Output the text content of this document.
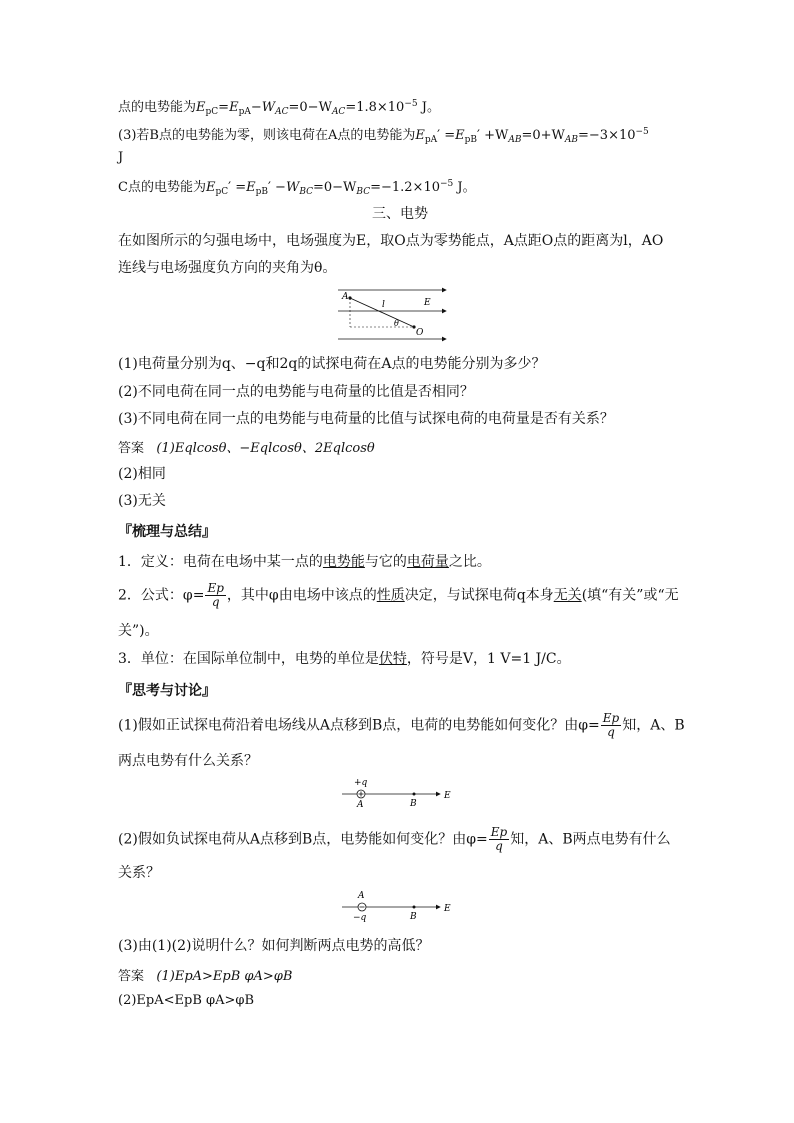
点的电势能为$E_{pC}=E_{pA}-W_{AC}=0-W_{AC}=1.8\times 10^{-5}$ J。
(3)若B点的电势能为零，则该电荷在A点的电势能为$E_{pA}' =E_{pB}' +W_{AB}=0+W_{AB}=-3\times 10^{-5}$
J
C点的电势能为$E_{pC}' =E_{pB}' -W_{BC}=0-W_{BC}=-1.2\times 10^{-5}$ J。
三、电势
在如图所示的匀强电场中，电场强度为E，取O点为零势能点，A点距O点的距离为l，AO
连线与电场强度负方向的夹角为θ。
A
l	E
θ
O
(1)电荷量分别为q、−q和2q的试探电荷在A点的电势能分别为多少？
(2)不同电荷在同一点的电势能与电荷量的比值是否相同？
(3)不同电荷在同一点的电势能与电荷量的比值与试探电荷的电荷量是否有关系？
答案 (1)Eqlcosθ、−Eqlcosθ、2Eqlcosθ
(2)相同
(3)无关
『梳理与总结』
1．定义：电荷在电场中某一点的电势能与它的电荷量之比。
2．公式：$\varphi= \frac{Ep}{q}$ ，其中φ由电场中该点的性质决定，与试探电荷q本身无关(填“有关”或“无
关”)。
3．单位：在国际单位制中，电势的单位是伏特，符号是V，1 V=1 J/C。
『思考与讨论』
(1)假如正试探电荷沿着电场线从A点移到B点，电荷的电势能如何变化？由$\varphi= \frac{Ep}{q}$ 知，A、B
两点电势有什么关系？
+q
A	B
E
(2)假如负试探电荷从A点移到B点，电势能如何变化？由$\varphi= \frac{Ep}{q}$ 知，A、B两点电势有什么
关系？
A
−q	B
E
(3)由(1)(2)说明什么？如何判断两点电势的高低？
答案 (1)EpA>EpB φA>φB
(2)EpA<EpB φA>φB
